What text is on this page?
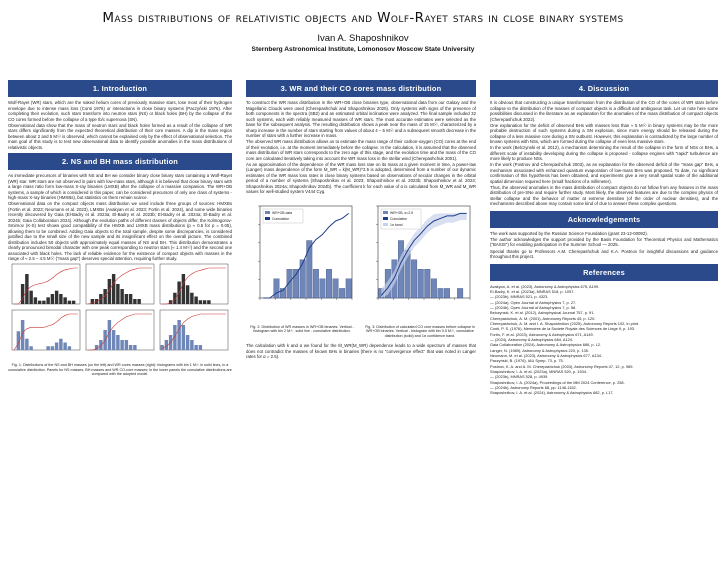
Mass distributions of relativistic objects and Wolf-Rayet stars in close binary systems
Ivan A. Shaposhnikov
Sternberg Astronomical Institute, Lomonosov Moscow State University
1. Introduction

Wolf-Rayet (WR) stars, which are the naked helium cores of previously massive stars, lose most of their hydrogen envelope due to intense mass loss (Conti 1976) or interactions in close binary systems (Paczyński 1976). After completing their evolution, such stars transform into neutron stars (NS) or black holes (BH) by the collapse of the CO cores formed before the collapse of a type Ib/c supernova (SN).

Observational data show that the mass of neutron stars and black holes formed as a result of the collapse of WR stars differs significantly from the expected theoretical distribution of their core masses. A dip in the mass region between about 2 and 5 M☉ is observed, which cannot be explained only by the effect of observational selection. The main goal of this study is to test new observational data to identify possible anomalies in the mass distributions of relativistic objects.

2. NS and BH mass distribution

As immediate precursors of binaries with NS and BH we consider binary close binary stars containing a Wolf-Rayet (WR) star. WR stars are not observed in pairs with low-mass stars, although it is believed that close binary stars with a large mass ratio form low-mass X-ray binaries (LMXB) after the collapse of a massive companion. The WR+OB systems, a sample of which is considered in this paper, can be considered precursors of only one class of systems - high-mass X-ray binaries (HMXBs), but statistics on them remain scarce.

Observational data on the compact objects mass distribution we used include three groups of sources: HMXBs (Fortin et al. 2023; Neumann et al. 2023), LMXBs (Avakyan et al. 2023; Fortin et al. 2024), and some wide binaries recently discovered by Gaia (El-Badry et al. 2023a; El-Badry et al. 2023b; El-Badry et al. 2024a; El-Badry et al. 2024b; Gaia Collaboration 2024). Although the evolution paths of different classes of objects differ, the Kolmogorov-Smirnov (K-S) test shows good compatibility of the HMXB and LMXB mass distributions (p ≈ 0.5 for p = 0.05), allowing them to be combined. Adding Gaia objects to the total sample, despite some discrepancies, is considered justified due to the small size of the new sample and its insignificant effect on the overall picture. The combined distribution includes 50 objects with approximately equal masses of NS and BH. This distribution demonstrates a clearly pronounced bimodal character with one peak corresponding to neutron stars (≈ 1.4 M☉) and the second one associated with black holes. The lack of reliable evidence for the existence of compact objects with masses in the range of ≈ 2.5 – 4.5 M☉ ("mass gap") deserves special attention, requiring further study.

Fig. 1: Distributions of the NS and BH masses (on the left) and WR cores masses (right): histograms with bin 1 M☉ in solid lines, in a cumulative distribution. Panels for NS masses, BH masses and WR CO-core masses; in the lower panels the cumulative distributions are compared with the adopted model.
3. WR and their CO cores mass distribution

To construct the WR mass distribution in the WR+OB close binaries type, observational data from our Galaxy and the Magellanic Clouds were used (Cherepashchuk and Shaposhnikov 2025). Only systems with signs of the presence of both components in the spectra (SB2) and an estimated orbital inclination were analyzed. The final sample included 32 such systems, each with reliably measured masses of WR stars. The most accurate estimates were selected as the base for the subsequent analysis. The resulting distribution shows a peak near the mass of 15 M☉, characterized by a sharp increase in the number of stars starting from values of about 4 – 5 M☉ and a subsequent smooth decrease in the number of stars with a further increase in mass.

The observed WR mass distribution allows us to estimate the mass range of their carbon-oxygen (CO) cores at the end of their evolution, i.e. at the moment immediately before the collapse. In the calculation, it is assumed that the observed mass distribution of WR stars corresponds to the zero age of this stage, and the evolution time and the mass of the CO core are calculated iteratively taking into account the WR mass loss in the stellar wind (Cherepashchuk 2001).

As an approximation of the dependence of the WR mass loss rate on its mass at a given moment in time, a power-law (Langer) mass dependence of the form Ṁ_WR = k(M_WR)^2.5 is adopted, determined from a number of our dynamic estimates of the WR mass loss rates in close binary systems based on observations of secular changes in the orbital period of a number of systems (Shaposhnikov et al. 2023; Shaposhnikov et al. 2023b; Shaposhnikov et al. 2024; Shaposhnikov 2024a; Shaposhnikov 2024b). The coefficient k for each value of α is calculated from Ṁ_WR and M_WR values for well-studied system V444 Cyg.

WR+OB data
Cumulative
Fig. 2: Distribution of WR masses in WR+OB binaries. Vertical - histogram with bin 2 M☉, solid line - cumulative distribution.
WR+OB, α=2.5
Cumulative
1σ band
Fig. 3: Distribution of calculated CO core masses before collapse in WR+OB binaries. Vertical - histogram with bin 0.5 M☉, cumulative distribution (solid) and 1σ confidence band.
The calculation with k and α we found for the Ṁ_WR(M_WR) dependence leads to a wide spectrum of masses that does not contradict the masses of known BHs in binaries (there is no "convergence effect" that was noted in Langer rates for α = 2.5).
4. Discussion

It is obvious that constructing a unique transformation from the distribution of the CO of the cores of WR stars before collapse to the distribution of the masses of compact objects is a difficult and ambiguous task. Let us note here some possibilities discussed in the literature as an explanation for the anomalies of the mass distribution of compact objects (Cherepashchuk 2022).

One explanation for the deficit of observed BHs with masses less than ≈ 5 M☉ in binary systems may be the more probable destruction of such systems during a SN explosion, since more energy should be released during the collapse of a less massive core during a SN outburst. However, this explanation is contradicted by the large number of known systems with NSs, which are formed during the collapse of even less massive stars.

In the work (Belczynski et al. 2012), a mechanism determining the result of the collapse in the form of NSs or BHs, a different scale of instability developing during the collapse is proposed - collapse engines with "rapid" turbulence are more likely to produce NSs.

In the work (Postnov and Cherepashchuk 2003), as an explanation for the observed deficit of the "mass gap" BHs, a mechanism associated with enhanced quantum evaporation of low-mass BHs was proposed. To date, no significant confirmation of this hypothesis has been obtained, and experiments give a very small spatial scale of the additional spatial dimension required here (small fractions of a millimeter).

Thus, the observed anomalies in the mass distribution of compact objects do not follow from any features in the mass distribution of pre-SNe and require further study. Most likely, the observed features are due to the complex physics of stellar collapse and the behavior of matter at extreme densities (of the order of nuclear densities), and the mechanisms described above may contain some kind of clue to answer these complex questions.

Acknowledgements

The work was supported by the Russian Science Foundation (grant 23-12-00092).

The author acknowledges the support provided by the Basis Foundation for Theoretical Physics and Mathematics ("BASIS") for enabling participation in the Summer School — 2025.

Special thanks go to Professors A.M. Cherepashchuk and K.A. Postnov for insightful discussions and guidance throughout this project.

References
Avakyan, A. et al. (2023), Astronomy & Astrophysics 675, A199.
El-Badry, K. et al. (2023a), MNRAS 518, p. 1057.
— (2023b), MNRAS 521, p. 4323.
— (2024a), Open Journal of Astrophysics 7, p. 27.
— (2024b), Open Journal of Astrophysics 7, p. 58.
Belczynski, K. et al. (2012), Astrophysical Journal 757, p. 91.
Cherepashchuk, A. M. (2001), Astronomy Reports 45, p. 120.
Cherepashchuk, A. M. and I. A. Shaposhnikov (2025), Astronomy Reports 102, in print.
Conti, P. S. (1976), Memoires de la Societe Royale des Sciences de Liege 9, p. 193.
Fortin, F. et al. (2023), Astronomy & Astrophysics 671, A149.
— (2024), Astronomy & Astrophysics 684, A124.
Gaia Collaboration (2024), Astronomy & Astrophysics 686, p. L2.
Langer, N. (1989), Astronomy & Astrophysics 220, p. 135.
Neumann, M. et al. (2023), Astronomy & Astrophysics 677, A134.
Paczyński, B. (1976), IAU Symp. 73, p. 75.
Postnov, K. A. and A. M. Cherepashchuk (2003), Astronomy Reports 47, 12, p. 989.
Shaposhnikov, I. A. et al. (2023a), MNRAS 520, p. 1534.
— (2023b), MNRAS 528, p. 4939.
Shaposhnikov, I. A. (2024a), Proceedings of the MM 2024 Conference, p. 258.
— (2024b), Astronomy Reports 68, pp. 1146-1152.
Shaposhnikov, I. A. et al. (2024), Astronomy & Astrophysics 682, p. L17.
